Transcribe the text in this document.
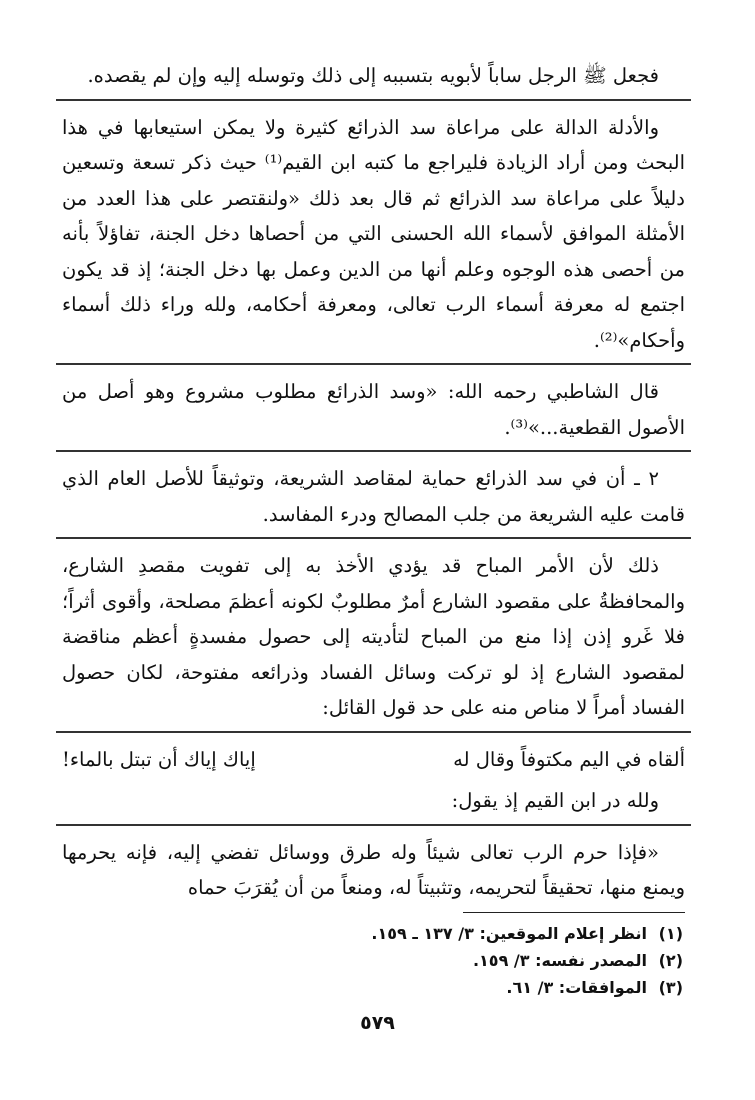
فجعل ﷺ الرجل ساباً لأبويه بتسببه إلى ذلك وتوسله إليه وإن لم يقصده.

والأدلة الدالة على مراعاة سد الذرائع كثيرة ولا يمكن استيعابها في هذا البحث ومن أراد الزيادة فليراجع ما كتبه ابن القيم⁽¹⁾ حيث ذكر تسعة وتسعين دليلاً على مراعاة سد الذرائع ثم قال بعد ذلك «ولنقتصر على هذا العدد من الأمثلة الموافق لأسماء الله الحسنى التي من أحصاها دخل الجنة، تفاؤلاً بأنه من أحصى هذه الوجوه وعلم أنها من الدين وعمل بها دخل الجنة؛ إذ قد يكون اجتمع له معرفة أسماء الرب تعالى، ومعرفة أحكامه، ولله وراء ذلك أسماء وأحكام»⁽²⁾.

قال الشاطبي رحمه الله: «وسد الذرائع مطلوب مشروع وهو أصل من الأصول القطعية...»⁽³⁾.

٢ ـ أن في سد الذرائع حماية لمقاصد الشريعة، وتوثيقاً للأصل العام الذي قامت عليه الشريعة من جلب المصالح ودرء المفاسد.

ذلك لأن الأمر المباح قد يؤدي الأخذ به إلى تفويت مقصدِ الشارع، والمحافظةُ على مقصود الشارع أمرٌ مطلوبٌ لكونه أعظمَ مصلحة، وأقوى أثراً؛ فلا غَرو إذن إذا منع من المباح لتأديته إلى حصول مفسدةٍ أعظم مناقضة لمقصود الشارع إذ لو تركت وسائل الفساد وذرائعه مفتوحة، لكان حصول الفساد أمراً لا مناص منه على حد قول القائل:

ألقاه في اليم مكتوفاً وقال له
إياك إياك أن تبتل بالماء!

ولله در ابن القيم إذ يقول:

«فإذا حرم الرب تعالى شيئاً وله طرق ووسائل تفضي إليه، فإنه يحرمها ويمنع منها، تحقيقاً لتحريمه، وتثبيتاً له، ومنعاً من أن يُقرَبَ حماه

(١)
انظر إعلام الموقعين: ٣/ ١٣٧ ـ ١٥٩.
(٢)
المصدر نفسه: ٣/ ١٥٩.
(٣)
الموافقات: ٣/ ٦١.
٥٧٩
